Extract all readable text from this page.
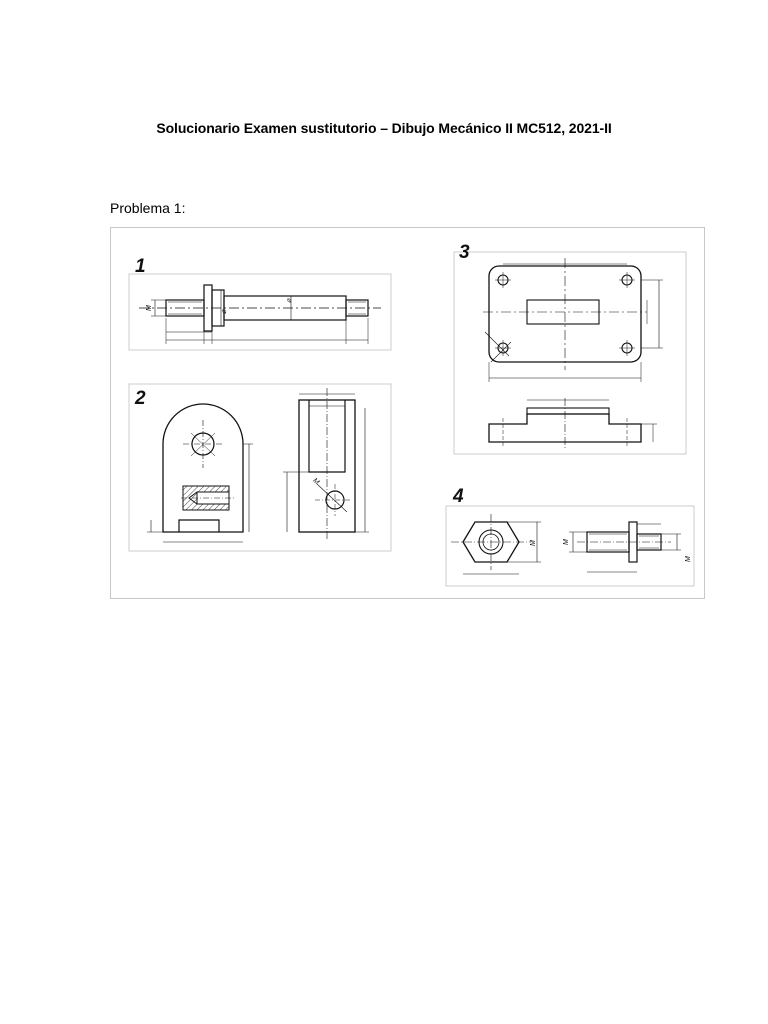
Solucionario Examen sustitutorio – Dibujo Mecánico II MC512, 2021-II
Problema 1:
1
M
⌀
⌀
2
M
3
4
M
M
M
